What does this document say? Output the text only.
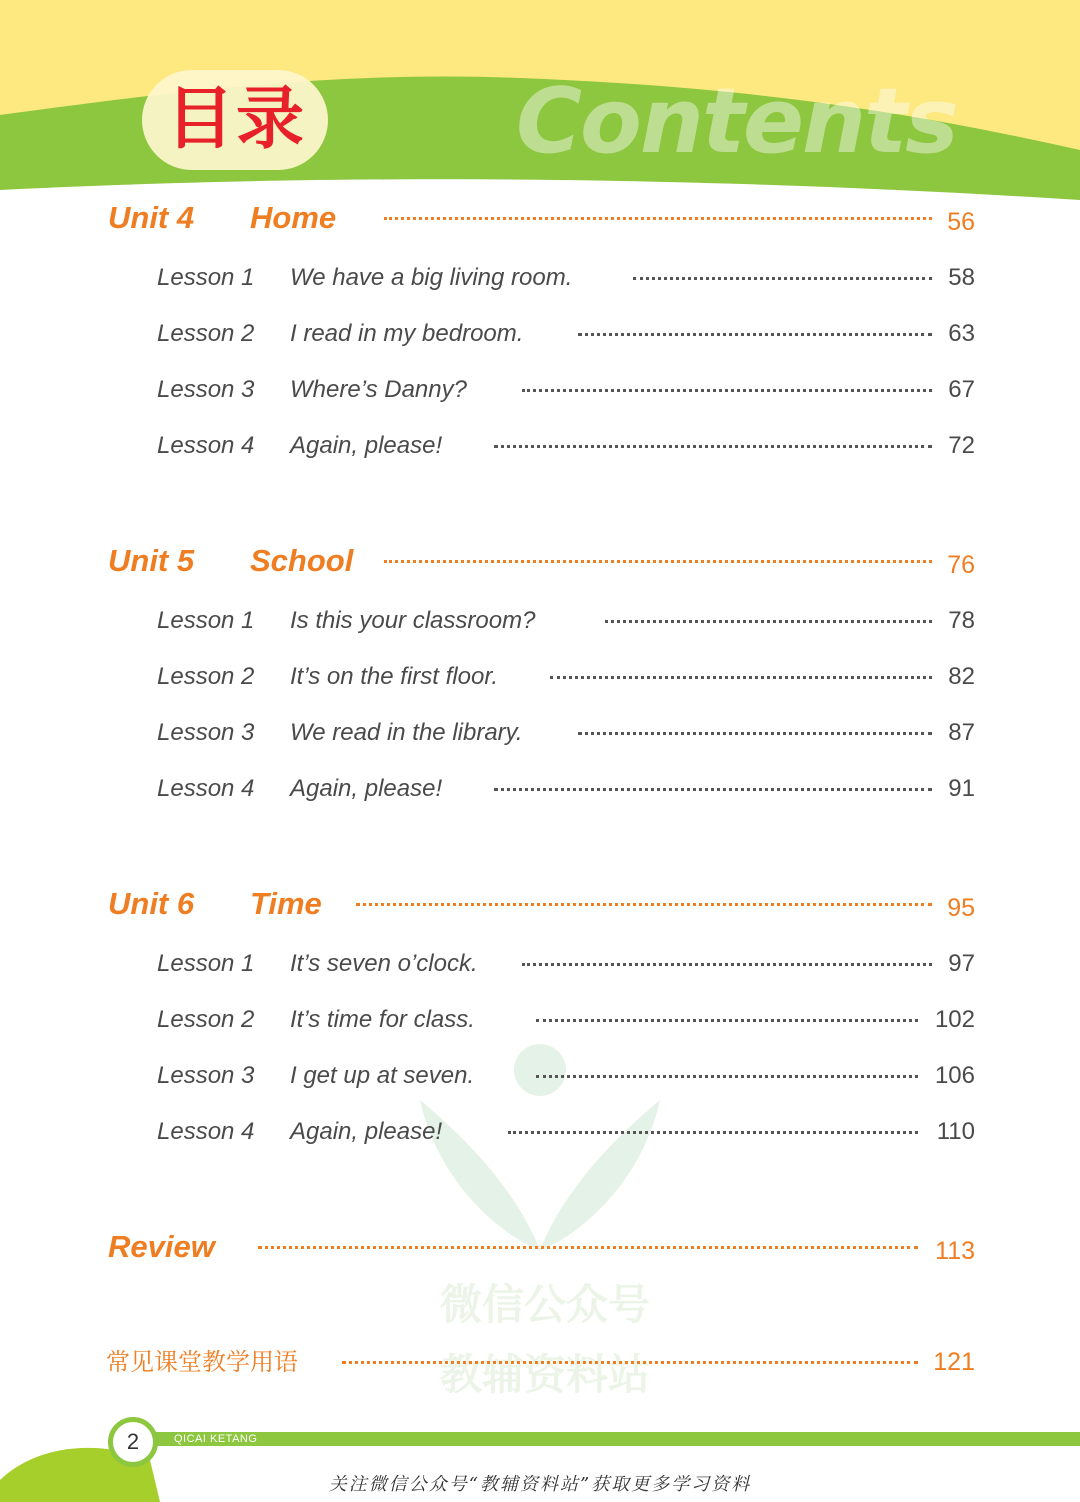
目录 Contents
微信公众号
教辅资料站
Unit 4 Home	56
Lesson 1 We have a big living room.	58
Lesson 2 I read in my bedroom.	63
Lesson 3 Where’s Danny?	67
Lesson 4 Again, please!	72
Unit 5 School	76
Lesson 1 Is this your classroom?	78
Lesson 2 It’s on the first floor.	82
Lesson 3 We read in the library.	87
Lesson 4 Again, please!	91
Unit 6 Time	95
Lesson 1 It’s seven o’clock.	97
Lesson 2 It’s time for class.	102
Lesson 3 I get up at seven.	106
Lesson 4 Again, please!	110
Review	113
常见课堂教学用语	121
QICAI KETANG
2
关注微信公众号“教辅资料站”获取更多学习资料
